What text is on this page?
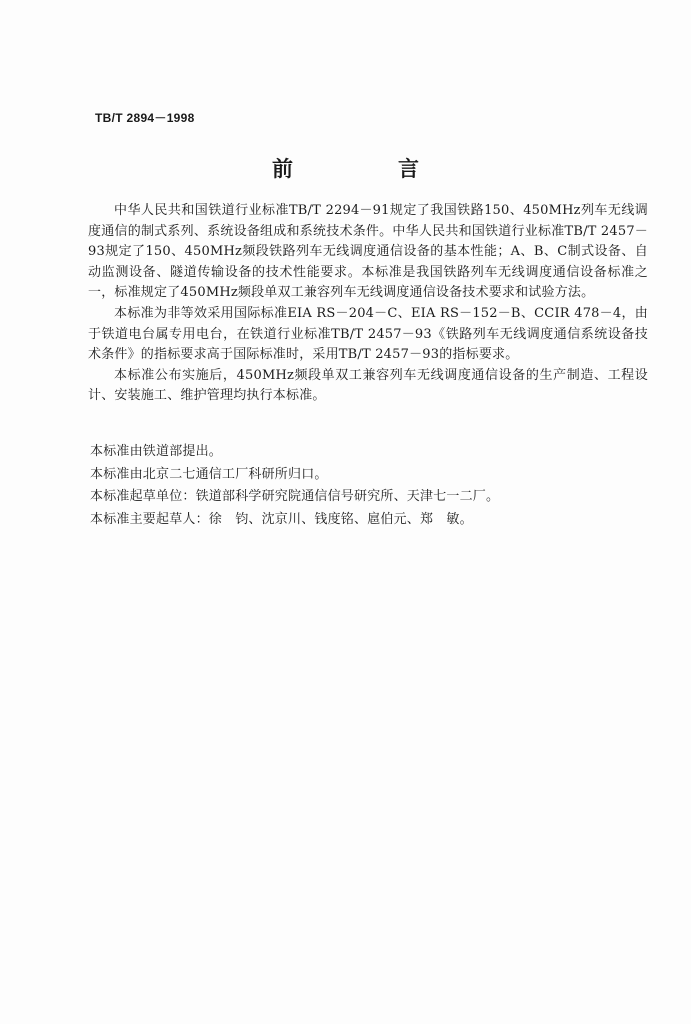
TB/T 2894－1998
前　言

中华人民共和国铁道行业标准TB/T 2294－91规定了我国铁路150、450MHz列车无线调度通信的制式系列、系统设备组成和系统技术条件。中华人民共和国铁道行业标准TB/T 2457－93规定了150、450MHz频段铁路列车无线调度通信设备的基本性能；A、B、C制式设备、自动监测设备、隧道传输设备的技术性能要求。本标准是我国铁路列车无线调度通信设备标准之一，标准规定了450MHz频段单双工兼容列车无线调度通信设备技术要求和试验方法。

本标准为非等效采用国际标准EIA RS－204－C、EIA RS－152－B、CCIR 478－4，由于铁道电台属专用电台，在铁道行业标准TB/T 2457－93《铁路列车无线调度通信系统设备技术条件》的指标要求高于国际标准时，采用TB/T 2457－93的指标要求。

本标准公布实施后，450MHz频段单双工兼容列车无线调度通信设备的生产制造、工程设计、安装施工、维护管理均执行本标准。

本标准由铁道部提出。
本标准由北京二七通信工厂科研所归口。
本标准起草单位：铁道部科学研究院通信信号研究所、天津七一二厂。
本标准主要起草人：徐　钧、沈京川、钱度铭、扈伯元、郑　敏。
